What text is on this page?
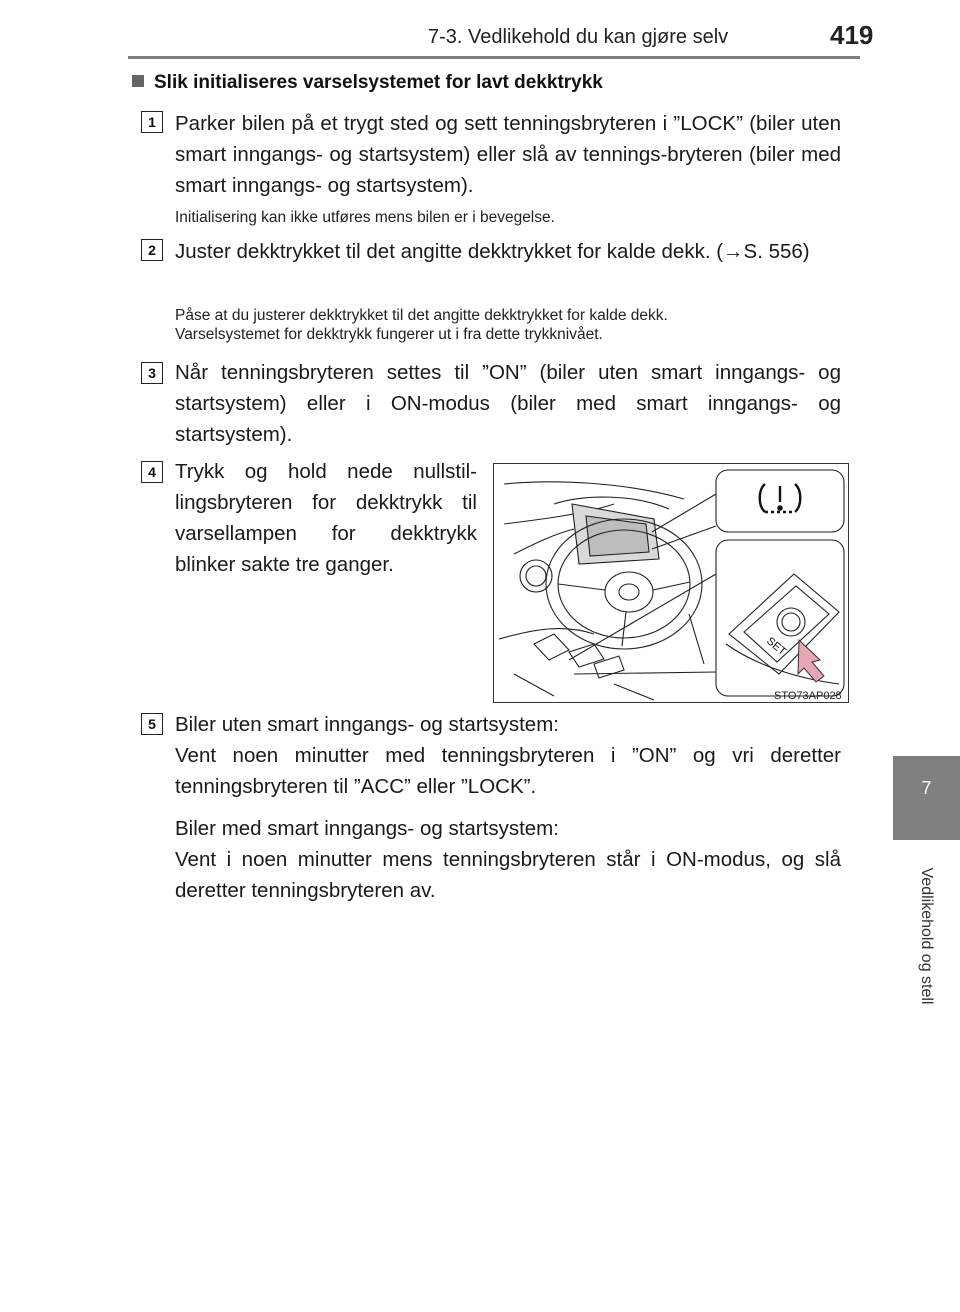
7-3. Vedlikehold du kan gjøre selv	419
7
Vedlikehold og stell
Slik initialiseres varselsystemet for lavt dekktrykk
1 Parker bilen på et trygt sted og sett tenningsbryteren i ”LOCK” (biler uten smart inngangs- og startsystem) eller slå av tennings-bryteren (biler med smart inngangs- og startsystem).
Initialisering kan ikke utføres mens bilen er i bevegelse.
2 Juster dekktrykket til det angitte dekktrykket for kalde dekk. (→S. 556)
Påse at du justerer dekktrykket til det angitte dekktrykket for kalde dekk.
Varselsystemet for dekktrykk fungerer ut i fra dette trykknivået.
3 Når tenningsbryteren settes til ”ON” (biler uten smart inngangs- og startsystem) eller i ON-modus (biler med smart inngangs- og startsystem).
4 Trykk og hold nede nullstil-lingsbryteren for dekktrykk til varsellampen for dekktrykk blinker sakte tre ganger.
SET
STO73AP028
5 Biler uten smart inngangs- og startsystem:
Vent noen minutter med tenningsbryteren i ”ON” og vri deretter tenningsbryteren til ”ACC” eller ”LOCK”.
Biler med smart inngangs- og startsystem:
Vent i noen minutter mens tenningsbryteren står i ON-modus, og slå deretter tenningsbryteren av.
